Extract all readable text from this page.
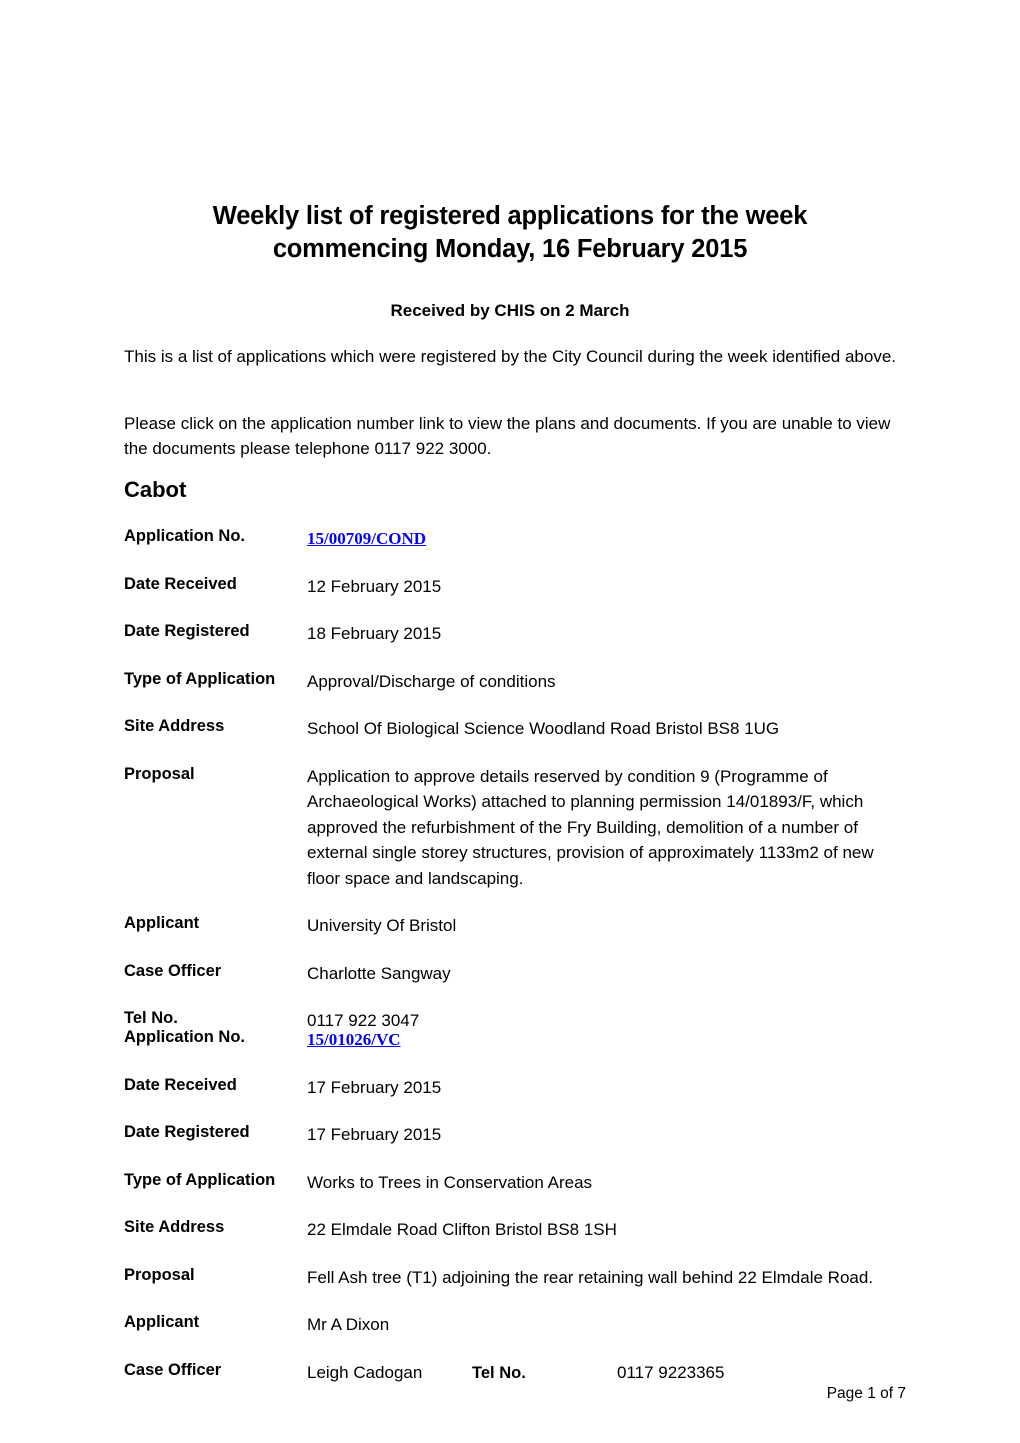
Weekly list of registered applications for the week commencing Monday, 16 February 2015
Received by CHIS on 2 March
This is a list of applications which were registered by the City Council during the week identified above.
Please click on the application number link to view the plans and documents. If you are unable to view the documents please telephone 0117 922 3000.
Cabot
Application No.	15/00709/COND
Date Received	12 February 2015
Date Registered	18 February 2015
Type of Application	Approval/Discharge of conditions
Site Address	School Of Biological Science Woodland Road Bristol BS8 1UG
Proposal	Application to approve details reserved by condition 9 (Programme of Archaeological Works) attached to planning permission 14/01893/F, which approved the refurbishment of the Fry Building, demolition of a number of external single storey structures, provision of approximately 1133m2 of new floor space and landscaping.
Applicant	University Of Bristol
Case Officer	Charlotte Sangway
Tel No.	0117 922 3047
Application No.	15/01026/VC
Date Received	17 February 2015
Date Registered	17 February 2015
Type of Application	Works to Trees in Conservation Areas
Site Address	22 Elmdale Road Clifton Bristol BS8 1SH
Proposal	Fell Ash tree (T1) adjoining the rear retaining wall behind 22 Elmdale Road.
Applicant	Mr A Dixon
Case Officer	Leigh Cadogan	Tel No.	0117 9223365
Page 1 of 7
